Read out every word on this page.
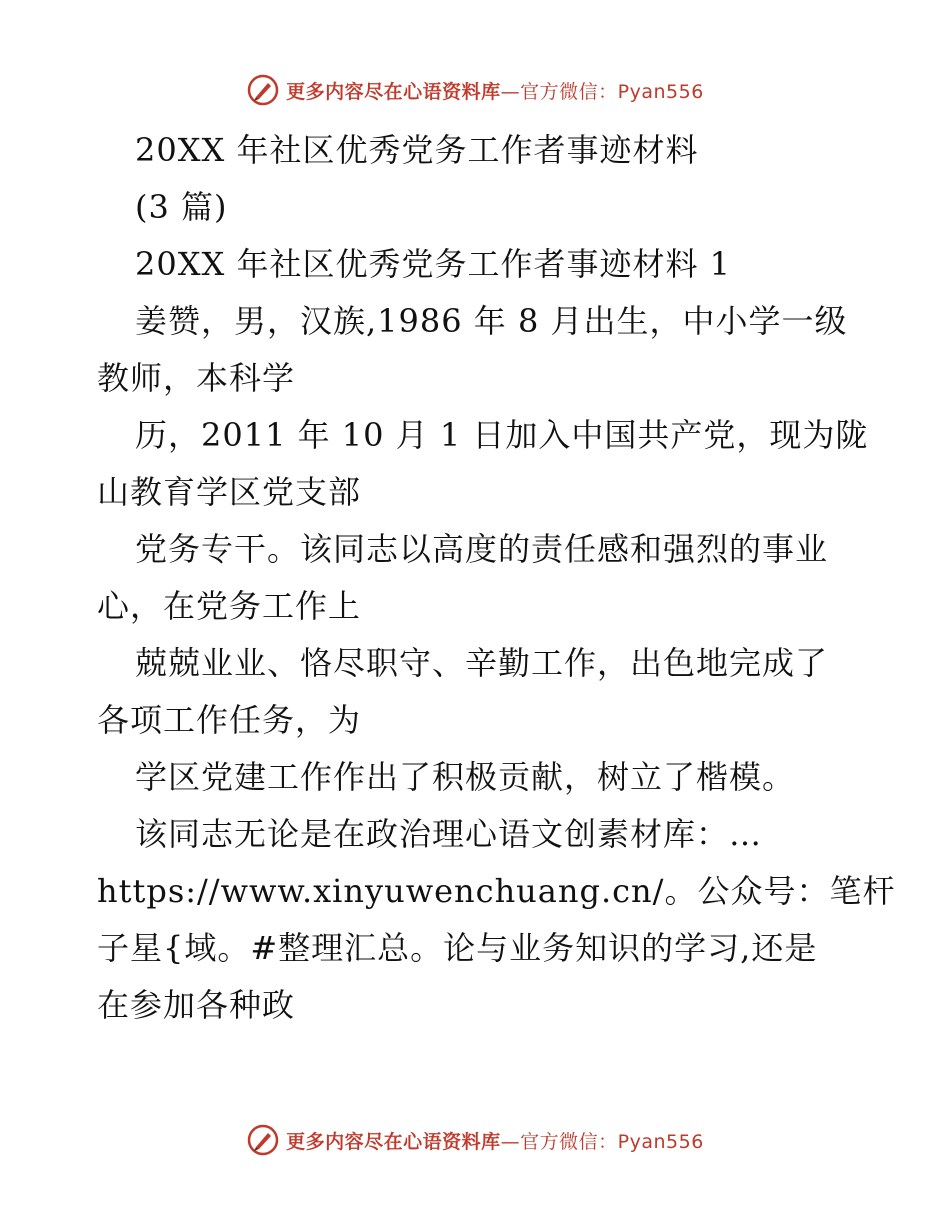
更多内容尽在心语资料库—官方微信：Pyan556
20XX 年社区优秀党务工作者事迹材料
(3 篇)
20XX 年社区优秀党务工作者事迹材料 1
姜赞，男，汉族,1986 年 8 月出生，中小学一级
教师，本科学
历，2011 年 10 月 1 日加入中国共产党，现为陇
山教育学区党支部
党务专干。该同志以高度的责任感和强烈的事业
心，在党务工作上
兢兢业业、恪尽职守、辛勤工作，出色地完成了
各项工作任务，为
学区党建工作作出了积极贡献，树立了楷模。
该同志无论是在政治理心语文创素材库：…
https://www.xinyuwenchuang.cn/。公众号：笔杆
子星{域。#整理汇总。论与业务知识的学习,还是
在参加各种政
更多内容尽在心语资料库—官方微信：Pyan556
